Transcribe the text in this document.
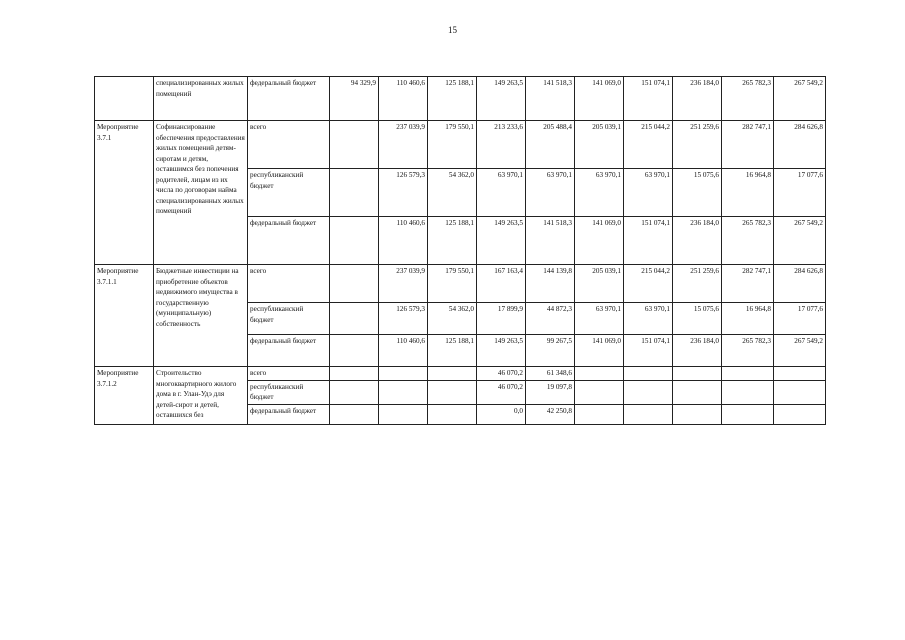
15
	специализированных жилых помещений	федеральный бюджет	94 329,9	110 460,6	125 188,1	149 263,5	141 518,3	141 069,0	151 074,1	236 184,0	265 782,3	267 549,2
Мероприятие 3.7.1	Софинансирование обеспечения предоставления жилых помещений детям-сиротам и детям, оставшимся без попечения родителей, лицам из их числа по договорам найма специализированных жилых помещений	всего		237 039,9	179 550,1	213 233,6	205 488,4	205 039,1	215 044,2	251 259,6	282 747,1	284 626,8
		республиканский бюджет		126 579,3	54 362,0	63 970,1	63 970,1	63 970,1	63 970,1	15 075,6	16 964,8	17 077,6
		федеральный бюджет		110 460,6	125 188,1	149 263,5	141 518,3	141 069,0	151 074,1	236 184,0	265 782,3	267 549,2
Мероприятие 3.7.1.1	Бюджетные инвестиции на приобретение объектов недвижимого имущества в государственную (муниципальную) собственность	всего		237 039,9	179 550,1	167 163,4	144 139,8	205 039,1	215 044,2	251 259,6	282 747,1	284 626,8
		республиканский бюджет		126 579,3	54 362,0	17 899,9	44 872,3	63 970,1	63 970,1	15 075,6	16 964,8	17 077,6
		федеральный бюджет		110 460,6	125 188,1	149 263,5	99 267,5	141 069,0	151 074,1	236 184,0	265 782,3	267 549,2
Мероприятие 3.7.1.2	Строительство многоквартирного жилого дома в г. Улан-Удэ для детей-сирот и детей, оставшихся без	всего				46 070,2	61 348,6					
		республиканский бюджет				46 070,2	19 097,8					
		федеральный бюджет				0,0	42 250,8					
